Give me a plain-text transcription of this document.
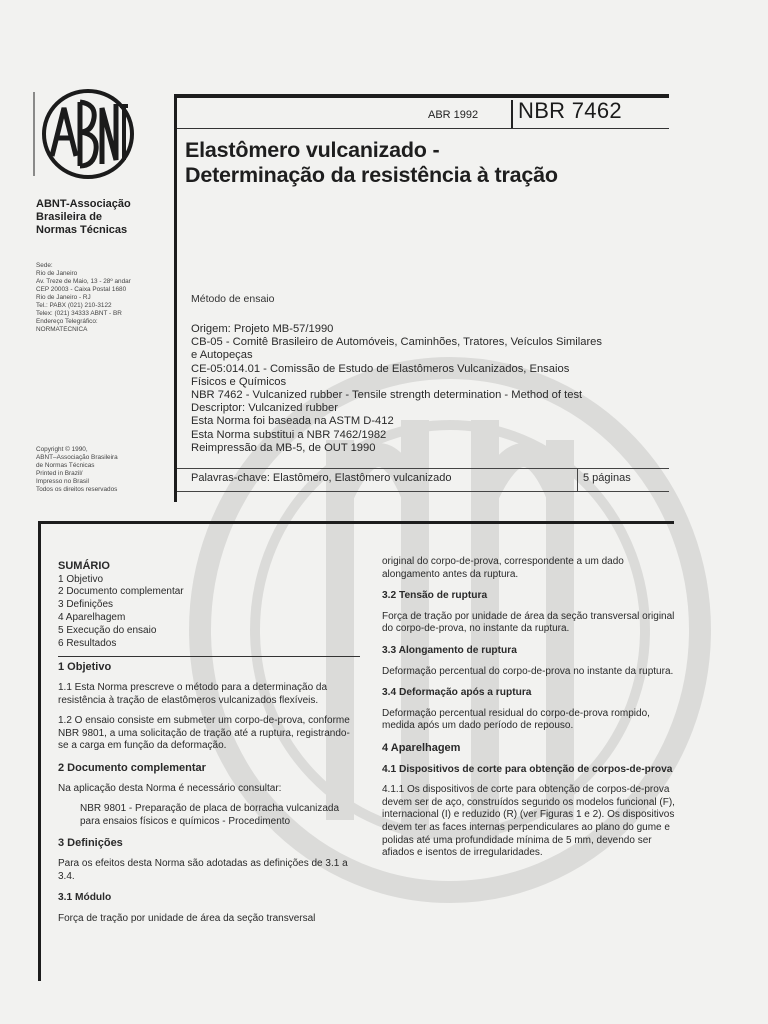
ABNT-Associação
Brasileira de
Normas Técnicas
Sede:
Rio de Janeiro
Av. Treze de Maio, 13 - 28º andar
CEP 20003 - Caixa Postal 1680
Rio de Janeiro - RJ
Tel.: PABX (021) 210-3122
Telex: (021) 34333 ABNT - BR
Endereço Telegráfico:
NORMATÉCNICA
Copyright © 1990,
ABNT–Associação Brasileira
de Normas Técnicas
Printed in Brazil/
Impresso no Brasil
Todos os direitos reservados
ABR 1992 NBR 7462
Elastômero vulcanizado -
Determinação da resistência à tração
Método de ensaio
Origem: Projeto MB-57/1990
CB-05 - Comitê Brasileiro de Automóveis, Caminhões, Tratores, Veículos Similares
e Autopeças
CE-05:014.01 - Comissão de Estudo de Elastômeros Vulcanizados, Ensaios
Físicos e Químicos
NBR 7462 - Vulcanized rubber - Tensile strength determination - Method of test
Descriptor: Vulcanized rubber
Esta Norma foi baseada na ASTM D-412
Esta Norma substitui a NBR 7462/1982
Reimpressão da MB-5, de OUT 1990
Palavras-chave: Elastômero, Elastômero vulcanizado	5 páginas
SUMÁRIO
1 Objetivo
2 Documento complementar
3 Definições
4 Aparelhagem
5 Execução do ensaio
6 Resultados
1 Objetivo
1.1 Esta Norma prescreve o método para a determinação da resistência à tração de elastômeros vulcanizados flexíveis.
1.2 O ensaio consiste em submeter um corpo-de-prova, conforme NBR 9801, a uma solicitação de tração até a ruptura, registrando-se a carga em função da deformação.
2 Documento complementar
Na aplicação desta Norma é necessário consultar:
NBR 9801 - Preparação de placa de borracha vulcanizada para ensaios físicos e químicos - Procedimento
3 Definições
Para os efeitos desta Norma são adotadas as definições de 3.1 a 3.4.
3.1 Módulo
Força de tração por unidade de área da seção transversal
original do corpo-de-prova, correspondente a um dado alongamento antes da ruptura.
3.2 Tensão de ruptura
Força de tração por unidade de área da seção transversal original do corpo-de-prova, no instante da ruptura.
3.3 Alongamento de ruptura
Deformação percentual do corpo-de-prova no instante da ruptura.
3.4 Deformação após a ruptura
Deformação percentual residual do corpo-de-prova rompido, medida após um dado período de repouso.
4 Aparelhagem
4.1 Dispositivos de corte para obtenção de corpos-de-prova
4.1.1 Os dispositivos de corte para obtenção de corpos-de-prova devem ser de aço, construídos segundo os modelos funcional (F), internacional (I) e reduzido (R) (ver Figuras 1 e 2). Os dispositivos devem ter as faces internas perpendiculares ao plano do gume e polidas até uma profundidade mínima de 5 mm, devendo ser afiados e isentos de irregularidades.
